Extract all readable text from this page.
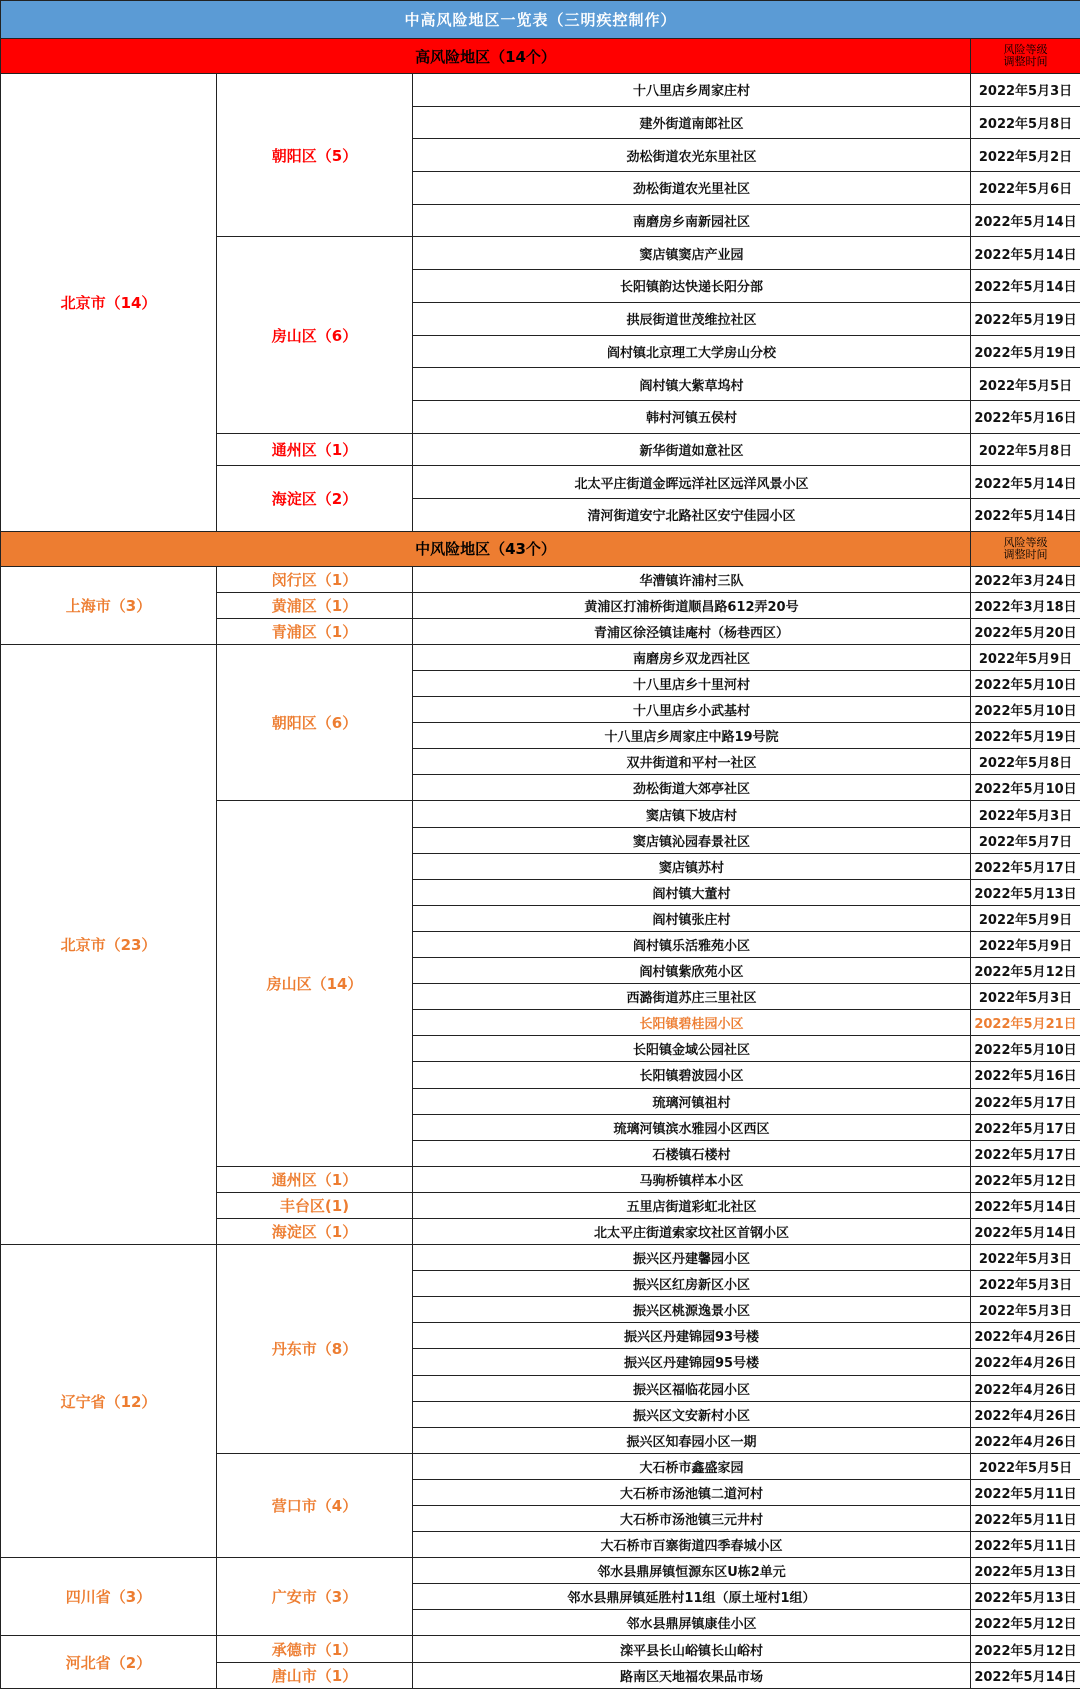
中高风险地区一览表（三明疾控制作）			
高风险地区（14个）			风险等级
调整时间
北京市（14）	朝阳区（5）	十八里店乡周家庄村	2022年5月3日
		建外街道南郎社区	2022年5月8日
		劲松街道农光东里社区	2022年5月2日
		劲松街道农光里社区	2022年5月6日
		南磨房乡南新园社区	2022年5月14日
	房山区（6）	窦店镇窦店产业园	2022年5月14日
		长阳镇韵达快递长阳分部	2022年5月14日
		拱辰街道世茂维拉社区	2022年5月19日
		阎村镇北京理工大学房山分校	2022年5月19日
		阎村镇大紫草坞村	2022年5月5日
		韩村河镇五侯村	2022年5月16日
	通州区（1）	新华街道如意社区	2022年5月8日
	海淀区（2）	北太平庄街道金晖远洋社区远洋风景小区	2022年5月14日
		清河街道安宁北路社区安宁佳园小区	2022年5月14日
中风险地区（43个）			风险等级
调整时间
上海市（3）	闵行区（1）	华漕镇许浦村三队	2022年3月24日
	黄浦区（1）	黄浦区打浦桥街道顺昌路612弄20号	2022年3月18日
	青浦区（1）	青浦区徐泾镇诖庵村（杨巷西区）	2022年5月20日
北京市（23）	朝阳区（6）	南磨房乡双龙西社区	2022年5月9日
		十八里店乡十里河村	2022年5月10日
		十八里店乡小武基村	2022年5月10日
		十八里店乡周家庄中路19号院	2022年5月19日
		双井街道和平村一社区	2022年5月8日
		劲松街道大郊亭社区	2022年5月10日
	房山区（14）	窦店镇下坡店村	2022年5月3日
		窦店镇沁园春景社区	2022年5月7日
		窦店镇苏村	2022年5月17日
		阎村镇大董村	2022年5月13日
		阎村镇张庄村	2022年5月9日
		阎村镇乐活雅苑小区	2022年5月9日
		阎村镇紫欣苑小区	2022年5月12日
		西潞街道苏庄三里社区	2022年5月3日
		长阳镇碧桂园小区	2022年5月21日
		长阳镇金域公园社区	2022年5月10日
		长阳镇碧波园小区	2022年5月16日
		琉璃河镇祖村	2022年5月17日
		琉璃河镇滨水雅园小区西区	2022年5月17日
		石楼镇石楼村	2022年5月17日
	通州区（1）	马驹桥镇样本小区	2022年5月12日
	丰台区(1)	五里店街道彩虹北社区	2022年5月14日
	海淀区（1）	北太平庄街道索家坟社区首钢小区	2022年5月14日
辽宁省（12）	丹东市（8）	振兴区丹建馨园小区	2022年5月3日
		振兴区红房新区小区	2022年5月3日
		振兴区桃源逸景小区	2022年5月3日
		振兴区丹建锦园93号楼	2022年4月26日
		振兴区丹建锦园95号楼	2022年4月26日
		振兴区福临花园小区	2022年4月26日
		振兴区文安新村小区	2022年4月26日
		振兴区知春园小区一期	2022年4月26日
	营口市（4）	大石桥市鑫盛家园	2022年5月5日
		大石桥市汤池镇二道河村	2022年5月11日
		大石桥市汤池镇三元井村	2022年5月11日
		大石桥市百寨街道四季春城小区	2022年5月11日
四川省（3）	广安市（3）	邻水县鼎屏镇恒源东区U栋2单元	2022年5月13日
		邻水县鼎屏镇延胜村11组（原土垭村1组）	2022年5月13日
		邻水县鼎屏镇康佳小区	2022年5月12日
河北省（2）	承德市（1）	滦平县长山峪镇长山峪村	2022年5月12日
	唐山市（1）	路南区天地福农果品市场	2022年5月14日
